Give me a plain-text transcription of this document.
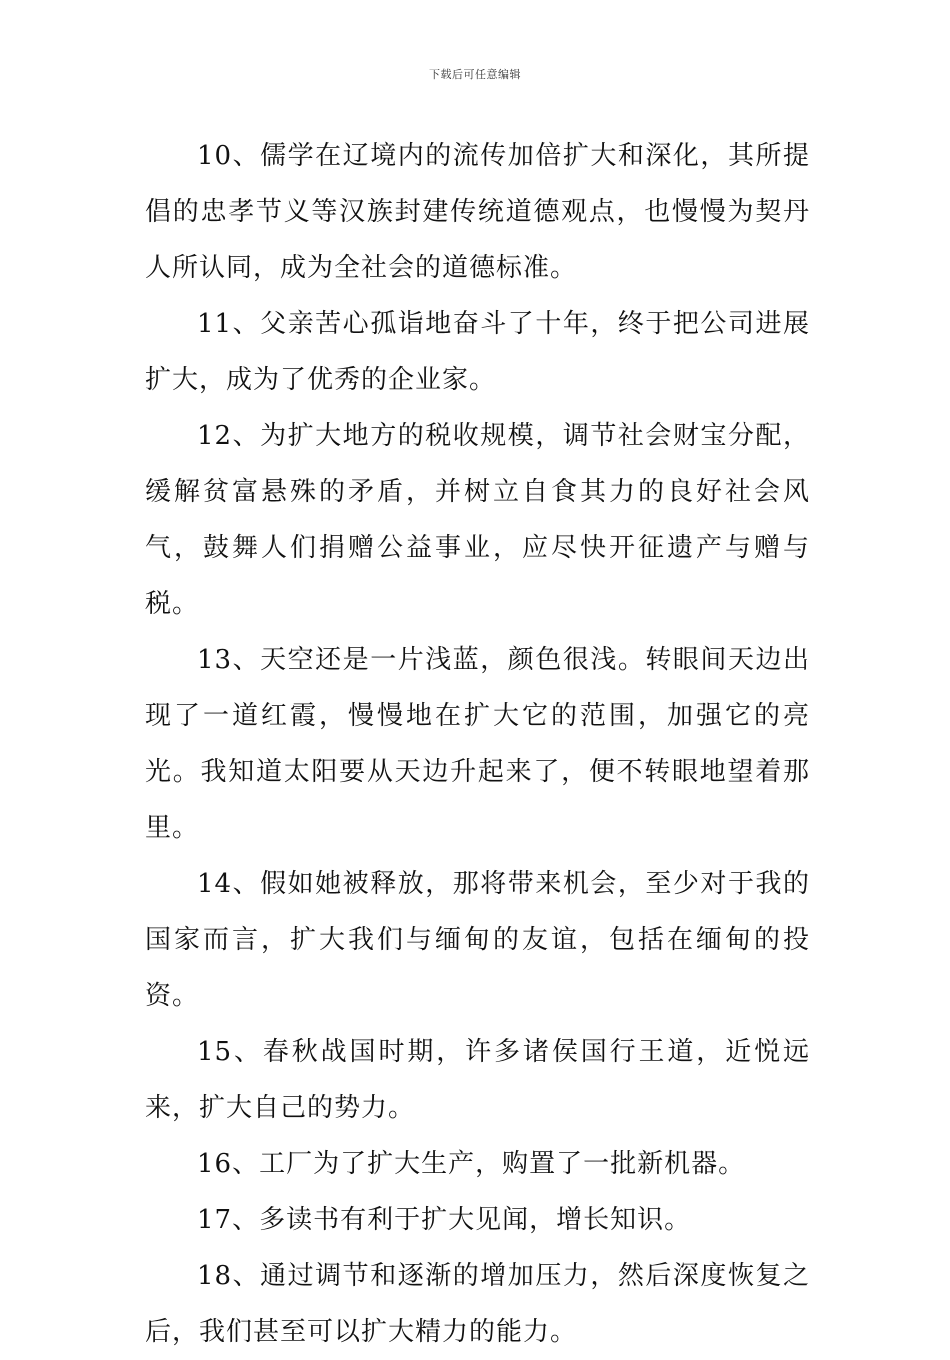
下载后可任意编辑

10、儒学在辽境内的流传加倍扩大和深化，其所提倡的忠孝节义等汉族封建传统道德观点，也慢慢为契丹人所认同，成为全社会的道德标准。

11、父亲苦心孤诣地奋斗了十年，终于把公司进展扩大，成为了优秀的企业家。

12、为扩大地方的税收规模，调节社会财宝分配，缓解贫富悬殊的矛盾，并树立自食其力的良好社会风气，鼓舞人们捐赠公益事业，应尽快开征遗产与赠与税。

13、天空还是一片浅蓝，颜色很浅。转眼间天边出现了一道红霞，慢慢地在扩大它的范围，加强它的亮光。我知道太阳要从天边升起来了，便不转眼地望着那里。

14、假如她被释放，那将带来机会，至少对于我的国家而言，扩大我们与缅甸的友谊，包括在缅甸的投资。

15、春秋战国时期，许多诸侯国行王道，近悦远来，扩大自己的势力。

16、工厂为了扩大生产，购置了一批新机器。

17、多读书有利于扩大见闻，增长知识。

18、通过调节和逐渐的增加压力，然后深度恢复之后，我们甚至可以扩大精力的能力。
